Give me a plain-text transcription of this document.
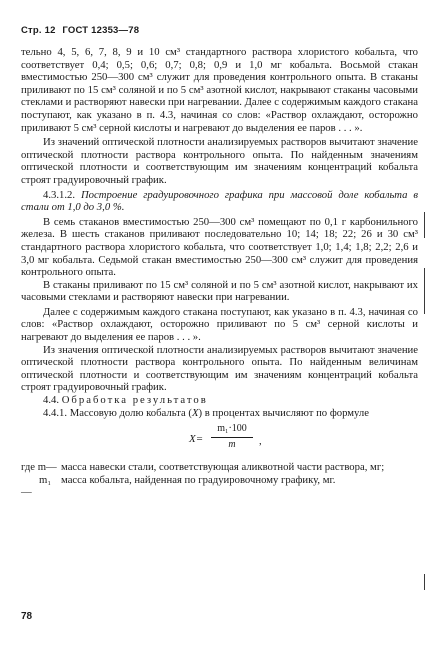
Стр. 12 ГОСТ 12353—78

тельно 4, 5, 6, 7, 8, 9 и 10 см³ стандартного раствора хлористого кобальта, что соответствует 0,4; 0,5; 0,6; 0,7; 0,8; 0,9 и 1,0 мг кобальта. Восьмой стакан вместимостью 250—300 см³ служит для проведения контрольного опыта. В стаканы приливают по 15 см³ соляной и по 5 см³ азотной кислот, накрывают стаканы часовыми стеклами и растворяют навески при нагревании. Далее с содержимым каждого стакана поступают, как указано в п. 4.3, начиная со слов: «Раствор охлаждают, осторожно приливают 5 см³ серной кислоты и нагревают до выделения ее паров . . . ».

Из значений оптической плотности анализируемых растворов вычитают значение оптической плотности раствора контрольного опыта. По найденным значениям оптической плотности и соответствующим им значениям концентраций кобальта строят градуировочный график.

4.3.1.2. Построение градуировочного графика при массовой доле кобальта в стали от 1,0 до 3,0 %.

В семь стаканов вместимостью 250—300 см³ помещают по 0,1 г карбонильного железа. В шесть стаканов приливают последовательно 10; 14; 18; 22; 26 и 30 см³ стандартного раствора хлористого кобальта, что соответствует 1,0; 1,4; 1,8; 2,2; 2,6 и 3,0 мг кобальта. Седьмой стакан вместимостью 250—300 см³ служит для проведения контрольного опыта.

В стаканы приливают по 15 см³ соляной и по 5 см³ азотной кислот, накрывают их часовыми стеклами и растворяют навески при нагревании.

Далее с содержимым каждого стакана поступают, как указано в п. 4.3, начиная со слов: «Раствор охлаждают, осторожно приливают по 5 см³ серной кислоты и нагревают до выделения ее паров . . . ».

Из значения оптической плотности анализируемых растворов вычитают значение оптической плотности раствора контрольного опыта. По найденным величинам оптической плотности и соответствующим им значениям концентраций кобальта строят градуировочный график.

4.4. Обработка результатов

4.4.1. Массовую долю кобальта (X) в процентах вычисляют по формуле

$X= \frac{\text{m₁·100}}{m}$ ,
где m— масса навески стали, соответствующая аликвотной части раствора, мг;
m₁—
масса кобальта, найденная по градуировочному графику, мг.
78
